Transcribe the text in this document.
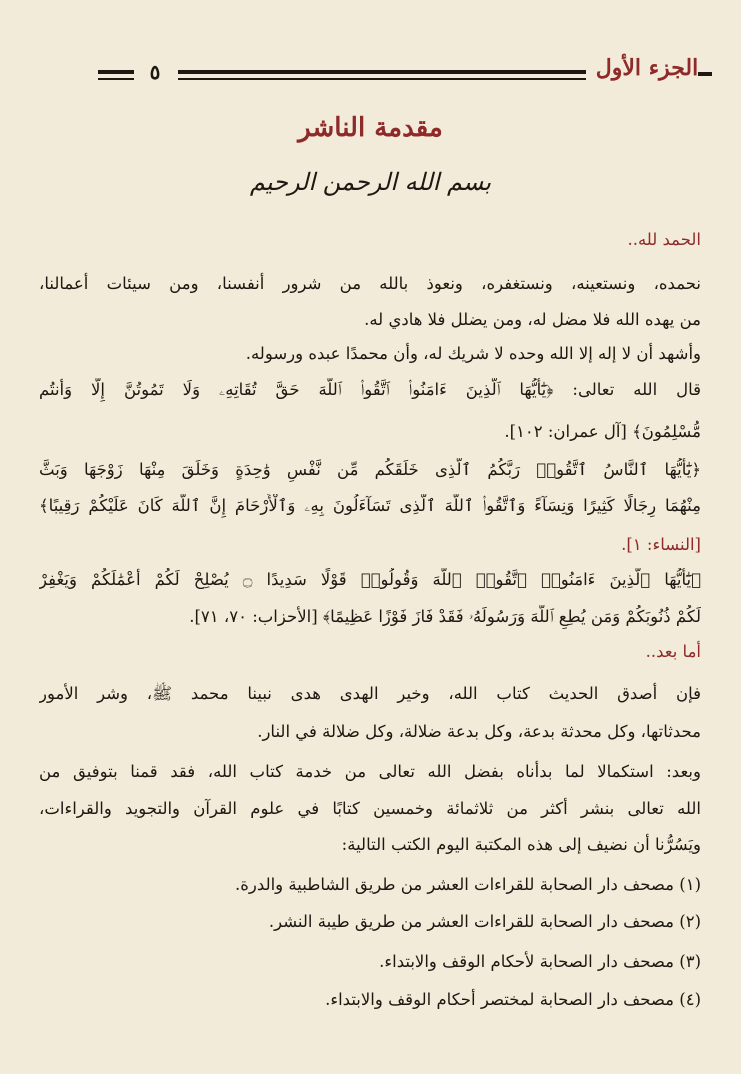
الجزء الأول
٥
مقدمة الناشر
بسم الله الرحمن الرحيم
الحمد لله..
نحمده، ونستعينه، ونستغفره، ونعوذ بالله من شرور أنفسنا، ومن سيئات أعمالنا،
من يهده الله فلا مضل له، ومن يضلل فلا هادي له.
وأشهد أن لا إله إلا الله وحده لا شريك له، وأن محمدًا عبده ورسوله.
قال الله تعالى: ﴿يَٰٓأَيُّهَا ٱلَّذِينَ ءَامَنُوا۟ ٱتَّقُوا۟ ٱللَّهَ حَقَّ تُقَاتِهِۦ وَلَا تَمُوتُنَّ إِلَّا وَأَنتُم
مُّسْلِمُونَ﴾ [آل عمران: ١٠٢].
﴿يَٰٓأَيُّهَا ٱلنَّاسُ ٱتَّقُوا۟ رَبَّكُمُ ٱلَّذِى خَلَقَكُم مِّن نَّفْسٍ وَٰحِدَةٍ وَخَلَقَ مِنْهَا زَوْجَهَا وَبَثَّ
مِنْهُمَا رِجَالًا كَثِيرًا وَنِسَآءً وَٱتَّقُوا۟ ٱللَّهَ ٱلَّذِى تَسَآءَلُونَ بِهِۦ وَٱلْأَرْحَامَ إِنَّ ٱللَّهَ كَانَ عَلَيْكُمْ رَقِيبًا﴾
[النساء: ١].
﴿يَٰٓأَيُّهَا ٱلَّذِينَ ءَامَنُوا۟ ٱتَّقُوا۟ ٱللَّهَ وَقُولُوا۟ قَوْلًا سَدِيدًا ۝ يُصْلِحْ لَكُمْ أَعْمَٰلَكُمْ وَيَغْفِرْ
لَكُمْ ذُنُوبَكُمْ وَمَن يُطِعِ ٱللَّهَ وَرَسُولَهُۥ فَقَدْ فَازَ فَوْزًا عَظِيمًا﴾ [الأحزاب: ٧٠، ٧١].
أما بعد..
فإن أصدق الحديث كتاب الله، وخير الهدى هدى نبينا محمد ﷺ، وشر الأمور
محدثاتها، وكل محدثة بدعة، وكل بدعة ضلالة، وكل ضلالة في النار.
وبعد: استكمالا لما بدأناه بفضل الله تعالى من خدمة كتاب الله، فقد قمنا بتوفيق من
الله تعالى بنشر أكثر من ثلاثمائة وخمسين كتابًا في علوم القرآن والتجويد والقراءات،
ويَسُرُّنا أن نضيف إلى هذه المكتبة اليوم الكتب التالية:
(١) مصحف دار الصحابة للقراءات العشر من طريق الشاطبية والدرة.
(٢) مصحف دار الصحابة للقراءات العشر من طريق طيبة النشر.
(٣) مصحف دار الصحابة لأحكام الوقف والابتداء.
(٤) مصحف دار الصحابة لمختصر أحكام الوقف والابتداء.
